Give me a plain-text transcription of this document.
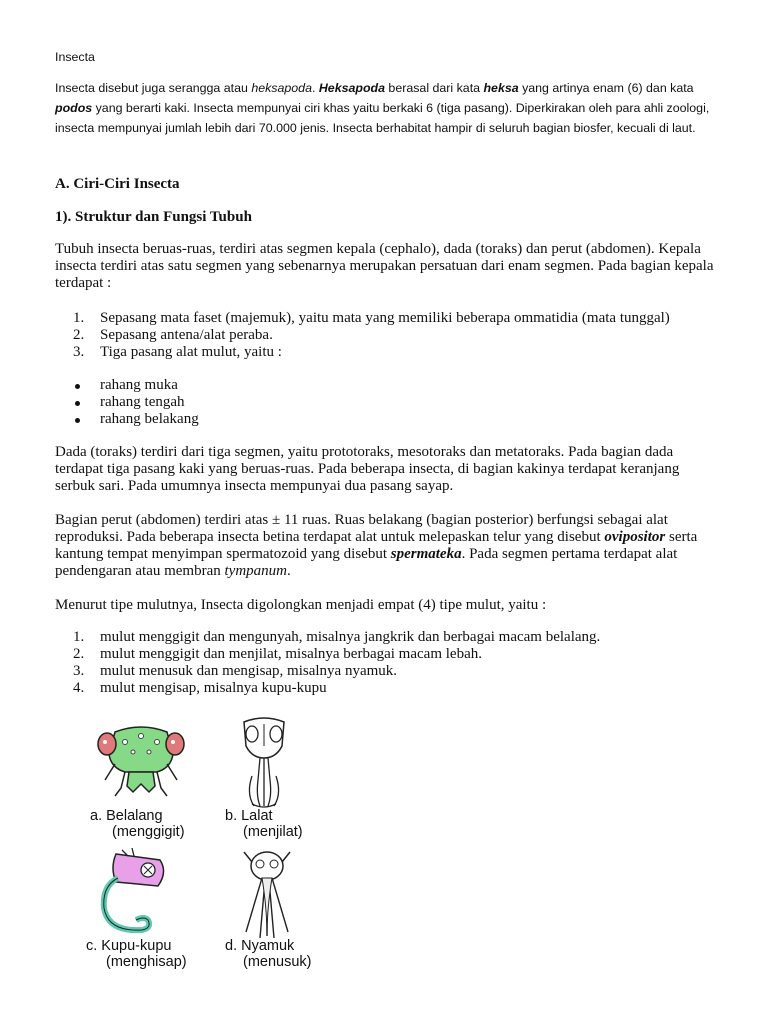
Insecta

Insecta disebut juga serangga atau heksapoda. Heksapoda berasal dari kata heksa yang artinya enam (6) dan kata podos yang berarti kaki. Insecta mempunyai ciri khas yaitu berkaki 6 (tiga pasang). Diperkirakan oleh para ahli zoologi, insecta mempunyai jumlah lebih dari 70.000 jenis. Insecta berhabitat hampir di seluruh bagian biosfer, kecuali di laut.

A. Ciri-Ciri Insecta
1). Struktur dan Fungsi Tubuh

Tubuh insecta beruas-ruas, terdiri atas segmen kepala (cephalo), dada (toraks) dan perut (abdomen). Kepala insecta terdiri atas satu segmen yang sebenarnya merupakan persatuan dari enam segmen. Pada bagian kepala terdapat :

1. Sepasang mata faset (majemuk), yaitu mata yang memiliki beberapa ommatidia (mata tunggal)
2. Sepasang antena/alat peraba.
3. Tiga pasang alat mulut, yaitu :
rahang muka
rahang tengah
rahang belakang

Dada (toraks) terdiri dari tiga segmen, yaitu prototoraks, mesotoraks dan metatoraks. Pada bagian dada terdapat tiga pasang kaki yang beruas-ruas. Pada beberapa insecta, di bagian kakinya terdapat keranjang serbuk sari. Pada umumnya insecta mempunyai dua pasang sayap.

Bagian perut (abdomen) terdiri atas ± 11 ruas. Ruas belakang (bagian posterior) berfungsi sebagai alat reproduksi. Pada beberapa insecta betina terdapat alat untuk melepaskan telur yang disebut ovipositor serta kantung tempat menyimpan spermatozoid yang disebut spermateka. Pada segmen pertama terdapat alat pendengaran atau membran tympanum.

Menurut tipe mulutnya, Insecta digolongkan menjadi empat (4) tipe mulut, yaitu :

1. mulut menggigit dan mengunyah, misalnya jangkrik dan berbagai macam belalang.
2. mulut menggigit dan menjilat, misalnya berbagai macam lebah.
3. mulut menusuk dan mengisap, misalnya nyamuk.
4. mulut mengisap, misalnya kupu-kupu
a. Belalang
(menggigit)
b. Lalat
(menjilat)
c. Kupu-kupu
(menghisap)
d. Nyamuk
(menusuk)
